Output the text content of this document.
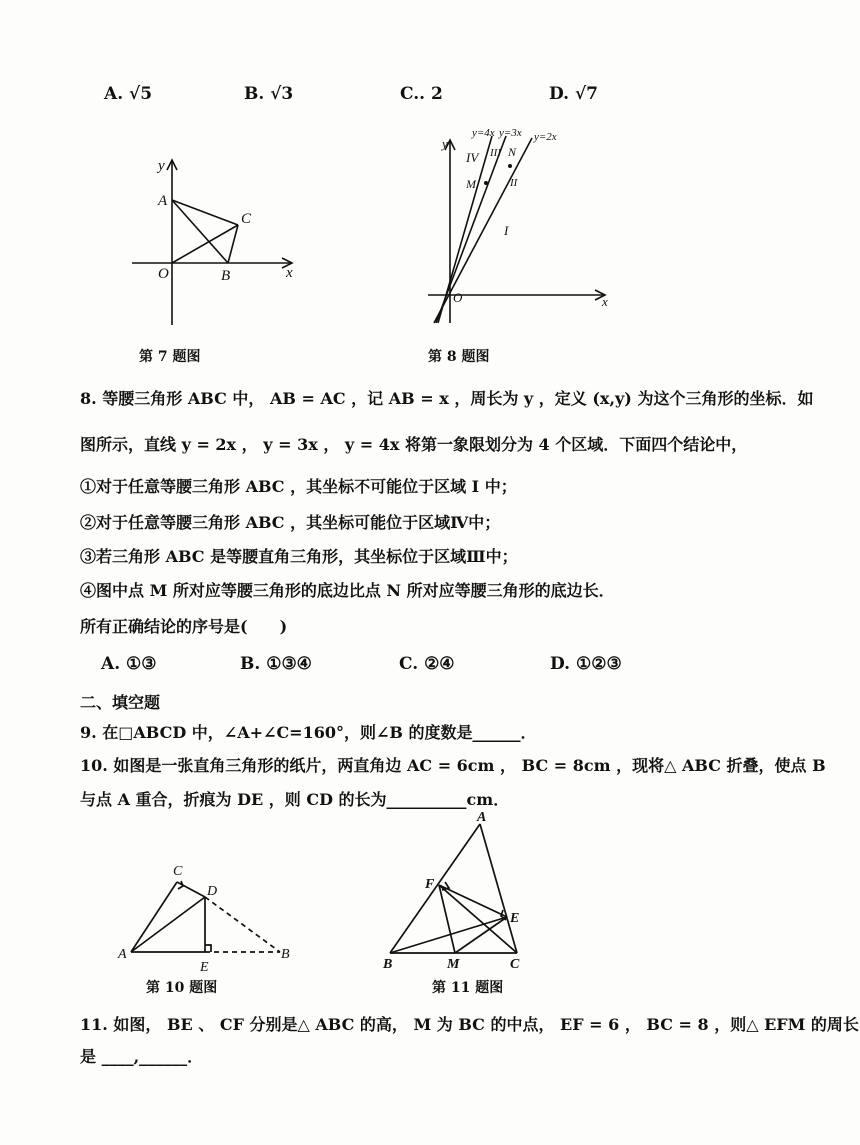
A. √5	B. √3	C.. 2	D. √7
y
x
O
A
B
C
第 7 题图
y
x
O
y=4x y=3x y=2x
IV III
II
I
M
N
第 8 题图
8. 等腰三角形 ABC 中， AB = AC ，记 AB = x ，周长为 y ，定义 (x,y) 为这个三角形的坐标．如
图所示，直线 y = 2x ， y = 3x ， y = 4x 将第一象限划分为 4 个区域．下面四个结论中，
①对于任意等腰三角形 ABC ，其坐标不可能位于区域 I 中；
②对于任意等腰三角形 ABC ，其坐标可能位于区域Ⅳ中；
③若三角形 ABC 是等腰直角三角形，其坐标位于区域Ⅲ中；
④图中点 M 所对应等腰三角形的底边比点 N 所对应等腰三角形的底边长．
所有正确结论的序号是(　　)
A. ①③	B. ①③④	C. ②④	D. ①②③
二、填空题
9. 在□ABCD 中，∠A+∠C=160°，则∠B 的度数是______．
10. 如图是一张直角三角形的纸片，两直角边 AC = 6cm ， BC = 8cm ，现将△ ABC 折叠，使点 B
与点 A 重合，折痕为 DE ，则 CD 的长为__________cm．
A	B
C
D
E
第 10 题图
A
B	C
E
F
M
第 11 题图
11. 如图， BE 、 CF 分别是△ ABC 的高， M 为 BC 的中点， EF = 6 ， BC = 8 ，则△ EFM 的周长
是 ____,______．
